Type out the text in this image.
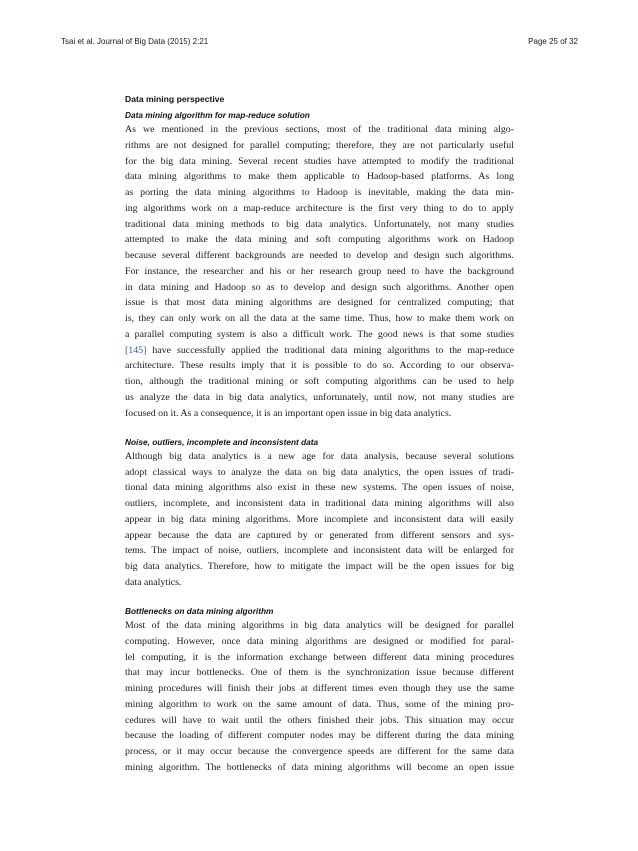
Tsai et al. Journal of Big Data (2015) 2:21	Page 25 of 32
Data mining perspective
Data mining algorithm for map-reduce solution
As we mentioned in the previous sections, most of the traditional data mining algo-
rithms are not designed for parallel computing; therefore, they are not particularly useful
for the big data mining. Several recent studies have attempted to modify the traditional
data mining algorithms to make them applicable to Hadoop-based platforms. As long
as porting the data mining algorithms to Hadoop is inevitable, making the data min-
ing algorithms work on a map-reduce architecture is the first very thing to do to apply
traditional data mining methods to big data analytics. Unfortunately, not many studies
attempted to make the data mining and soft computing algorithms work on Hadoop
because several different backgrounds are needed to develop and design such algorithms.
For instance, the researcher and his or her research group need to have the background
in data mining and Hadoop so as to develop and design such algorithms. Another open
issue is that most data mining algorithms are designed for centralized computing; that
is, they can only work on all the data at the same time. Thus, how to make them work on
a parallel computing system is also a difficult work. The good news is that some studies
[145] have successfully applied the traditional data mining algorithms to the map-reduce
architecture. These results imply that it is possible to do so. According to our observa-
tion, although the traditional mining or soft computing algorithms can be used to help
us analyze the data in big data analytics, unfortunately, until now, not many studies are
focused on it. As a consequence, it is an important open issue in big data analytics.
Noise, outliers, incomplete and inconsistent data
Although big data analytics is a new age for data analysis, because several solutions
adopt classical ways to analyze the data on big data analytics, the open issues of tradi-
tional data mining algorithms also exist in these new systems. The open issues of noise,
outliers, incomplete, and inconsistent data in traditional data mining algorithms will also
appear in big data mining algorithms. More incomplete and inconsistent data will easily
appear because the data are captured by or generated from different sensors and sys-
tems. The impact of noise, outliers, incomplete and inconsistent data will be enlarged for
big data analytics. Therefore, how to mitigate the impact will be the open issues for big
data analytics.
Bottlenecks on data mining algorithm
Most of the data mining algorithms in big data analytics will be designed for parallel
computing. However, once data mining algorithms are designed or modified for paral-
lel computing, it is the information exchange between different data mining procedures
that may incur bottlenecks. One of them is the synchronization issue because different
mining procedures will finish their jobs at different times even though they use the same
mining algorithm to work on the same amount of data. Thus, some of the mining pro-
cedures will have to wait until the others finished their jobs. This situation may occur
because the loading of different computer nodes may be different during the data mining
process, or it may occur because the convergence speeds are different for the same data
mining algorithm. The bottlenecks of data mining algorithms will become an open issue
